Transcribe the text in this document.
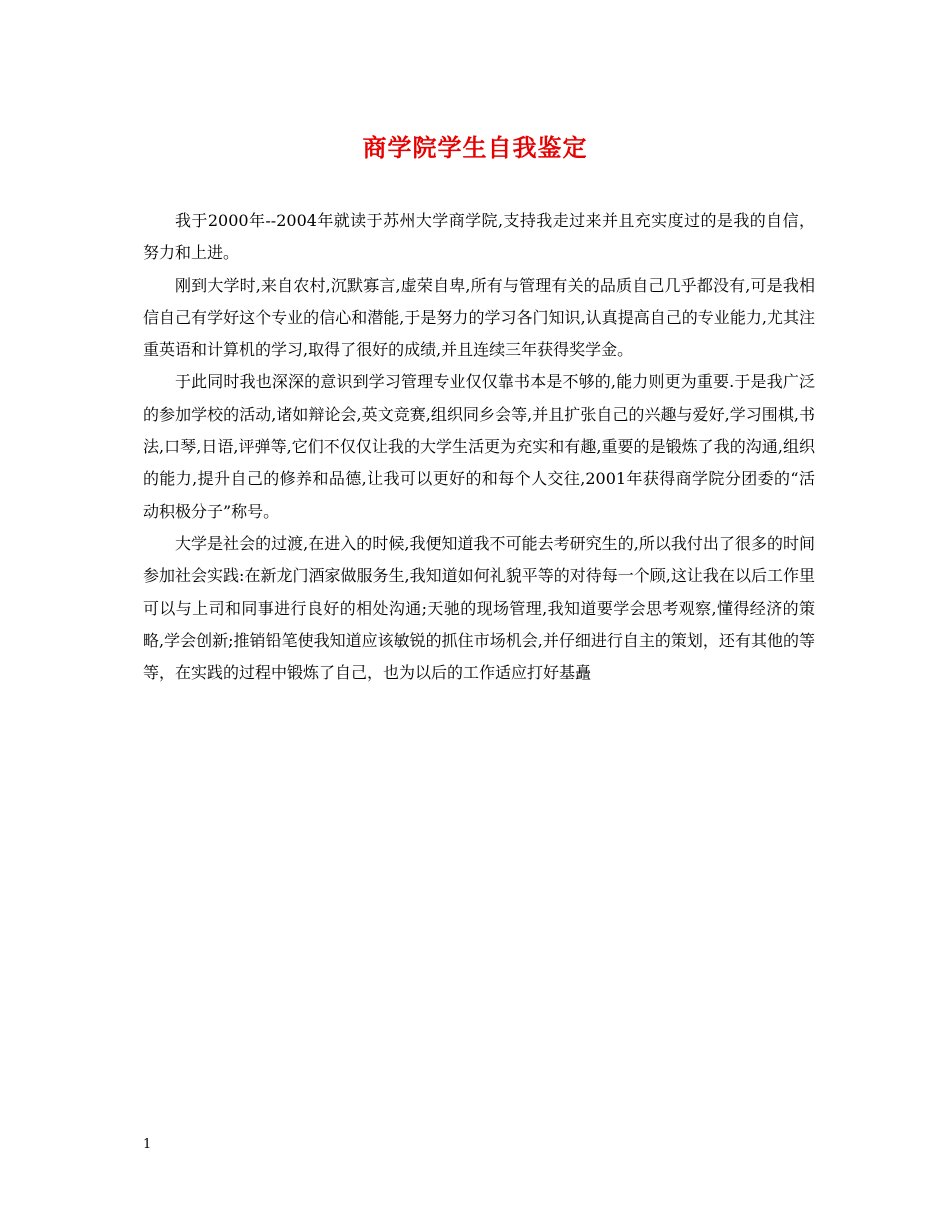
商学院学生自我鉴定

我于2000年--2004年就读于苏州大学商学院,支持我走过来并且充实度过的是我的自信，努力和上进。

刚到大学时,来自农村,沉默寡言,虚荣自卑,所有与管理有关的品质自己几乎都没有,可是我相信自己有学好这个专业的信心和潜能,于是努力的学习各门知识,认真提高自己的专业能力,尤其注重英语和计算机的学习,取得了很好的成绩,并且连续三年获得奖学金。

于此同时我也深深的意识到学习管理专业仅仅靠书本是不够的,能力则更为重要.于是我广泛的参加学校的活动,诸如辩论会,英文竞赛,组织同乡会等,并且扩张自己的兴趣与爱好,学习围棋,书法,口琴,日语,评弹等,它们不仅仅让我的大学生活更为充实和有趣,重要的是锻炼了我的沟通,组织的能力,提升自己的修养和品德,让我可以更好的和每个人交往,2001年获得商学院分团委的“活动积极分子”称号。

大学是社会的过渡,在进入的时候,我便知道我不可能去考研究生的,所以我付出了很多的时间参加社会实践:在新龙门酒家做服务生,我知道如何礼貌平等的对待每一个顾,这让我在以后工作里可以与上司和同事进行良好的相处沟通;天驰的现场管理,我知道要学会思考观察,懂得经济的策略,学会创新;推销铅笔使我知道应该敏锐的抓住市场机会,并仔细进行自主的策划，还有其他的等等，在实践的过程中锻炼了自己，也为以后的工作适应打好基矗

1
